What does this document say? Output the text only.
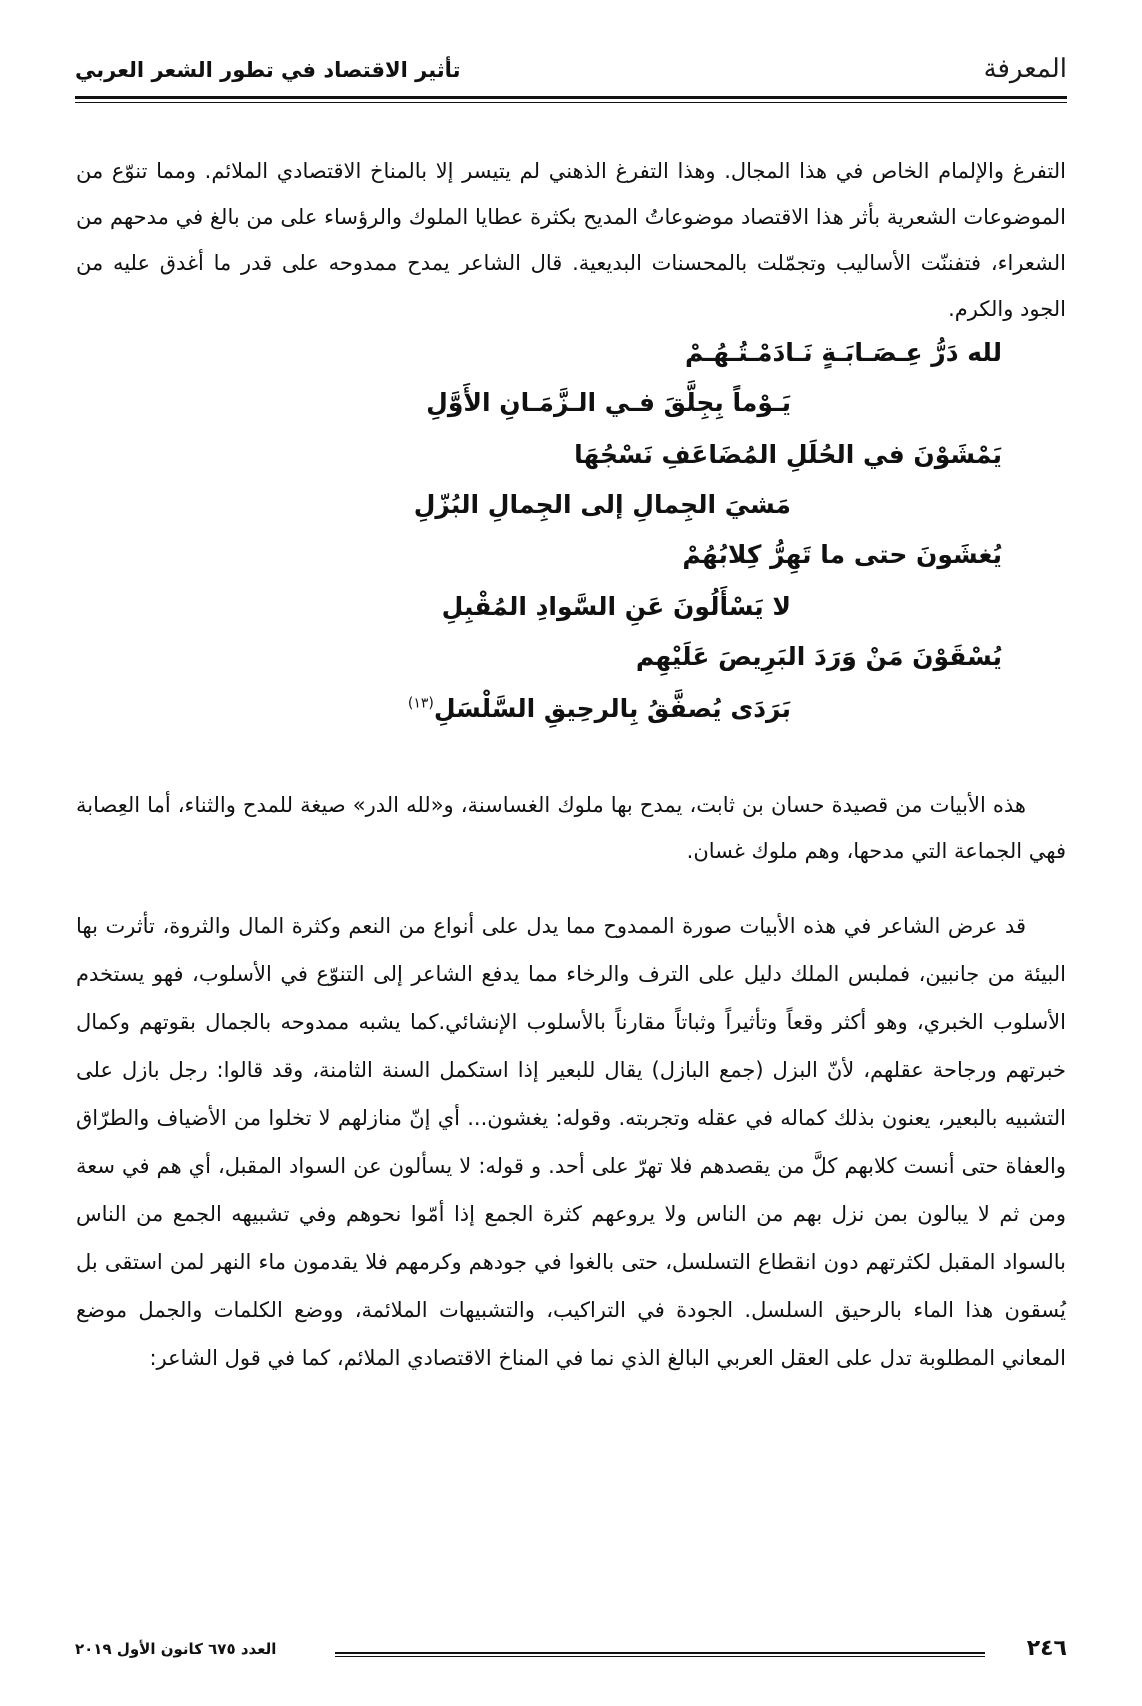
المعرفة
تأثير الاقتصاد في تطور الشعر العربي

التفرغ والإلمام الخاص في هذا المجال. وهذا التفرغ الذهني لم يتيسر إلا بالمناخ الاقتصادي الملائم. ومما تنوّع من الموضوعات الشعرية بأثر هذا الاقتصاد موضوعاتُ المديح بكثرة عطايا الملوك والرؤساء على من بالغ في مدحهم من الشعراء، فتفننّت الأساليب وتجمّلت بالمحسنات البديعية. قال الشاعر يمدح ممدوحه على قدر ما أغدق عليه من الجود والكرم.

لله دَرُّ عِـصَـابَـةٍ نَـادَمْـتُـهُـمْ
يَـوْماً بِجِلَّقَ فـي الـزَّمَـانِ الأَوَّلِ
يَمْشَوْنَ في الحُلَلِ المُضَاعَفِ نَسْجُهَا
مَشيَ الجِمالِ إلى الجِمالِ البُزّلِ
يُغشَونَ حتى ما تَهِرُّ كِلابُهُمْ
لا يَسْأَلُونَ عَنِ السَّوادِ المُقْبِلِ
يُسْقَوْنَ مَنْ وَرَدَ البَرِيصَ عَلَيْهِم
بَرَدَى يُصفَّقُ بِالرحِيقِ السَّلْسَلِ$^{(١٣)}$

هذه الأبيات من قصيدة حسان بن ثابت، يمدح بها ملوك الغساسنة، و«لله الدر» صيغة للمدح والثناء، أما العِصابة فهي الجماعة التي مدحها، وهم ملوك غسان.

قد عرض الشاعر في هذه الأبيات صورة الممدوح مما يدل على أنواع من النعم وكثرة المال والثروة، تأثرت بها البيئة من جانبين، فملبس الملك دليل على الترف والرخاء مما يدفع الشاعر إلى التنوّع في الأسلوب، فهو يستخدم الأسلوب الخبري، وهو أكثر وقعاً وتأثيراً وثباتاً مقارناً بالأسلوب الإنشائي.كما يشبه ممدوحه بالجمال بقوتهم وكمال خبرتهم ورجاحة عقلهم، لأنّ البزل (جمع البازل) يقال للبعير إذا استكمل السنة الثامنة، وقد قالوا: رجل بازل على التشبيه بالبعير، يعنون بذلك كماله في عقله وتجربته. وقوله: يغشون... أي إنّ منازلهم لا تخلوا من الأضياف والطرّاق والعفاة حتى أنست كلابهم كلَّ من يقصدهم فلا تهرّ على أحد. و قوله: لا يسألون عن السواد المقبل، أي هم في سعة ومن ثم لا يبالون بمن نزل بهم من الناس ولا يروعهم كثرة الجمع إذا أمّوا نحوهم وفي تشبيهه الجمع من الناس بالسواد المقبل لكثرتهم دون انقطاع التسلسل، حتى بالغوا في جودهم وكرمهم فلا يقدمون ماء النهر لمن استقى بل يُسقون هذا الماء بالرحيق السلسل. الجودة في التراكيب، والتشبيهات الملائمة، ووضع الكلمات والجمل موضع المعاني المطلوبة تدل على العقل العربي البالغ الذي نما في المناخ الاقتصادي الملائم، كما في قول الشاعر:

٢٤٦
العدد ٦٧٥ كانون الأول ٢٠١٩
